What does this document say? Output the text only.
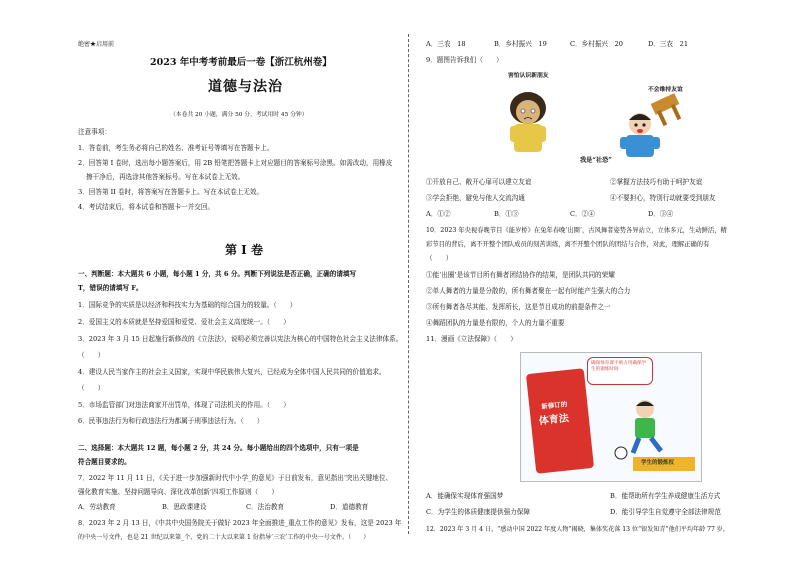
绝密★启用前
2023 年中考考前最后一卷【浙江杭州卷】
道德与法治
（本卷共 20 小题，满分 50 分，考试用时 45 分钟）
注意事项：
1．答卷前，考生务必将自己的姓名、准考证号等填写在答题卡上。
2．回答第 I 卷时，选出每小题答案后，用 2B 铅笔把答题卡上对应题目的答案标号涂黑。如需改动，用橡皮
擦干净后，再选涂其他答案标号。写在本试卷上无效。
3．回答第 II 卷时，将答案写在答题卡上。写在本试卷上无效。
4．考试结束后，将本试卷和答题卡一并交回。
第 I 卷
一、判断题：本大题共 6 小题，每小题 1 分，共 6 分。判断下列说法是否正确，正确的请填写
T，错误的请填写 F。
1．国际竞争的实质是以经济和科技实力为基础的综合国力的较量。（　　）
2．爱国主义的本质就是坚持爱国和爱党、爱社会主义高度统一。（　　）
3．2023 年 3 月 15 日起施行新修改的《立法法》，说明必须完善以宪法为核心的中国特色社会主义法律体系。
（　　）
4．建设人民当家作主的社会主义国家，实现中华民族伟大复兴，已经成为全体中国人民共同的价值追求。
（　　）
5．市场监管部门对违法商家开出罚单，体现了司法机关的作用。（　　）
6．民事违法行为和行政违法行为都属于刑事违法行为。（　　）
二、选择题：本大题共 12 题，每小题 2 分，共 24 分。每小题给出的四个选项中，只有一项是
符合题目要求的。
7．2022 年 11 月 11 日，《关于进一步加强新时代中小学_的意见》于日前发布，意见指出‘突出关键地位、
强化教育实施、坚持问题导向、深化改革创新’四项工作原则（　　）
A．劳动教育	B．思政课建设	C．法治教育	D．道德教育
8．2023 年 2 月 13 日，《中共中央国务院关于做好 2023 年全面推进_重点工作的意见》发布，这是 2023 年
的中央一号文件，也是 21 世纪以来第_个、党的二十大以来第 1 份指导‘三农’工作的中央一号文件。（　　）
A．三农　18	B．乡村振兴　19	C．乡村振兴　20	D．三农　21
9．题图告诉我们（　　）
害怕认识新朋友
不会维持友谊
我是“社恐”
①开放自己、敞开心扉可以建立友谊	②掌握方法技巧有助于呵护友谊
③学会拒绝，避免与他人交流沟通	④不要担心，特别行动就要受到朋友
A．①②	B．①③	C．②④	D．③④
10．2023 年央视春晚节目《能岁桥》在兔年春晚‘出圈’，古风舞者姿势各异站立，立体多元，生动鲜活，精
彩节目的背后，离不开整个团队成员的刻苦训练，离不开整个团队的团结与合作，对此，理解正确的有
（　　）
①能‘出圈’是该节目所有舞者团结协作的结果，是团队共同的荣耀
②单人舞者的力量是分散的，所有舞者聚在一起有时能产生强大的合力
③所有舞者各尽其能、发挥所长，这是节目成功的前提条件之一
④舞蹈团队的力量是有限的，个人的力量不重要
11．漫画《立法保障》（　　）
新修订的
体育法
确保体育课不被占用确保学生的锻炼时间
学生的锻炼权
A．能确保实现体育强国梦	B．能帮助所有学生养成健康生活方式
C．为学生的体质健康提供强力保障	D．能引导学生自觉遵守全部法律规范
12．2023 年 3 月 4 日，“感动中国 2022 年度人物”揭晓，集体奖花落 13 位“银发知青”他们平均年龄 77 岁，
